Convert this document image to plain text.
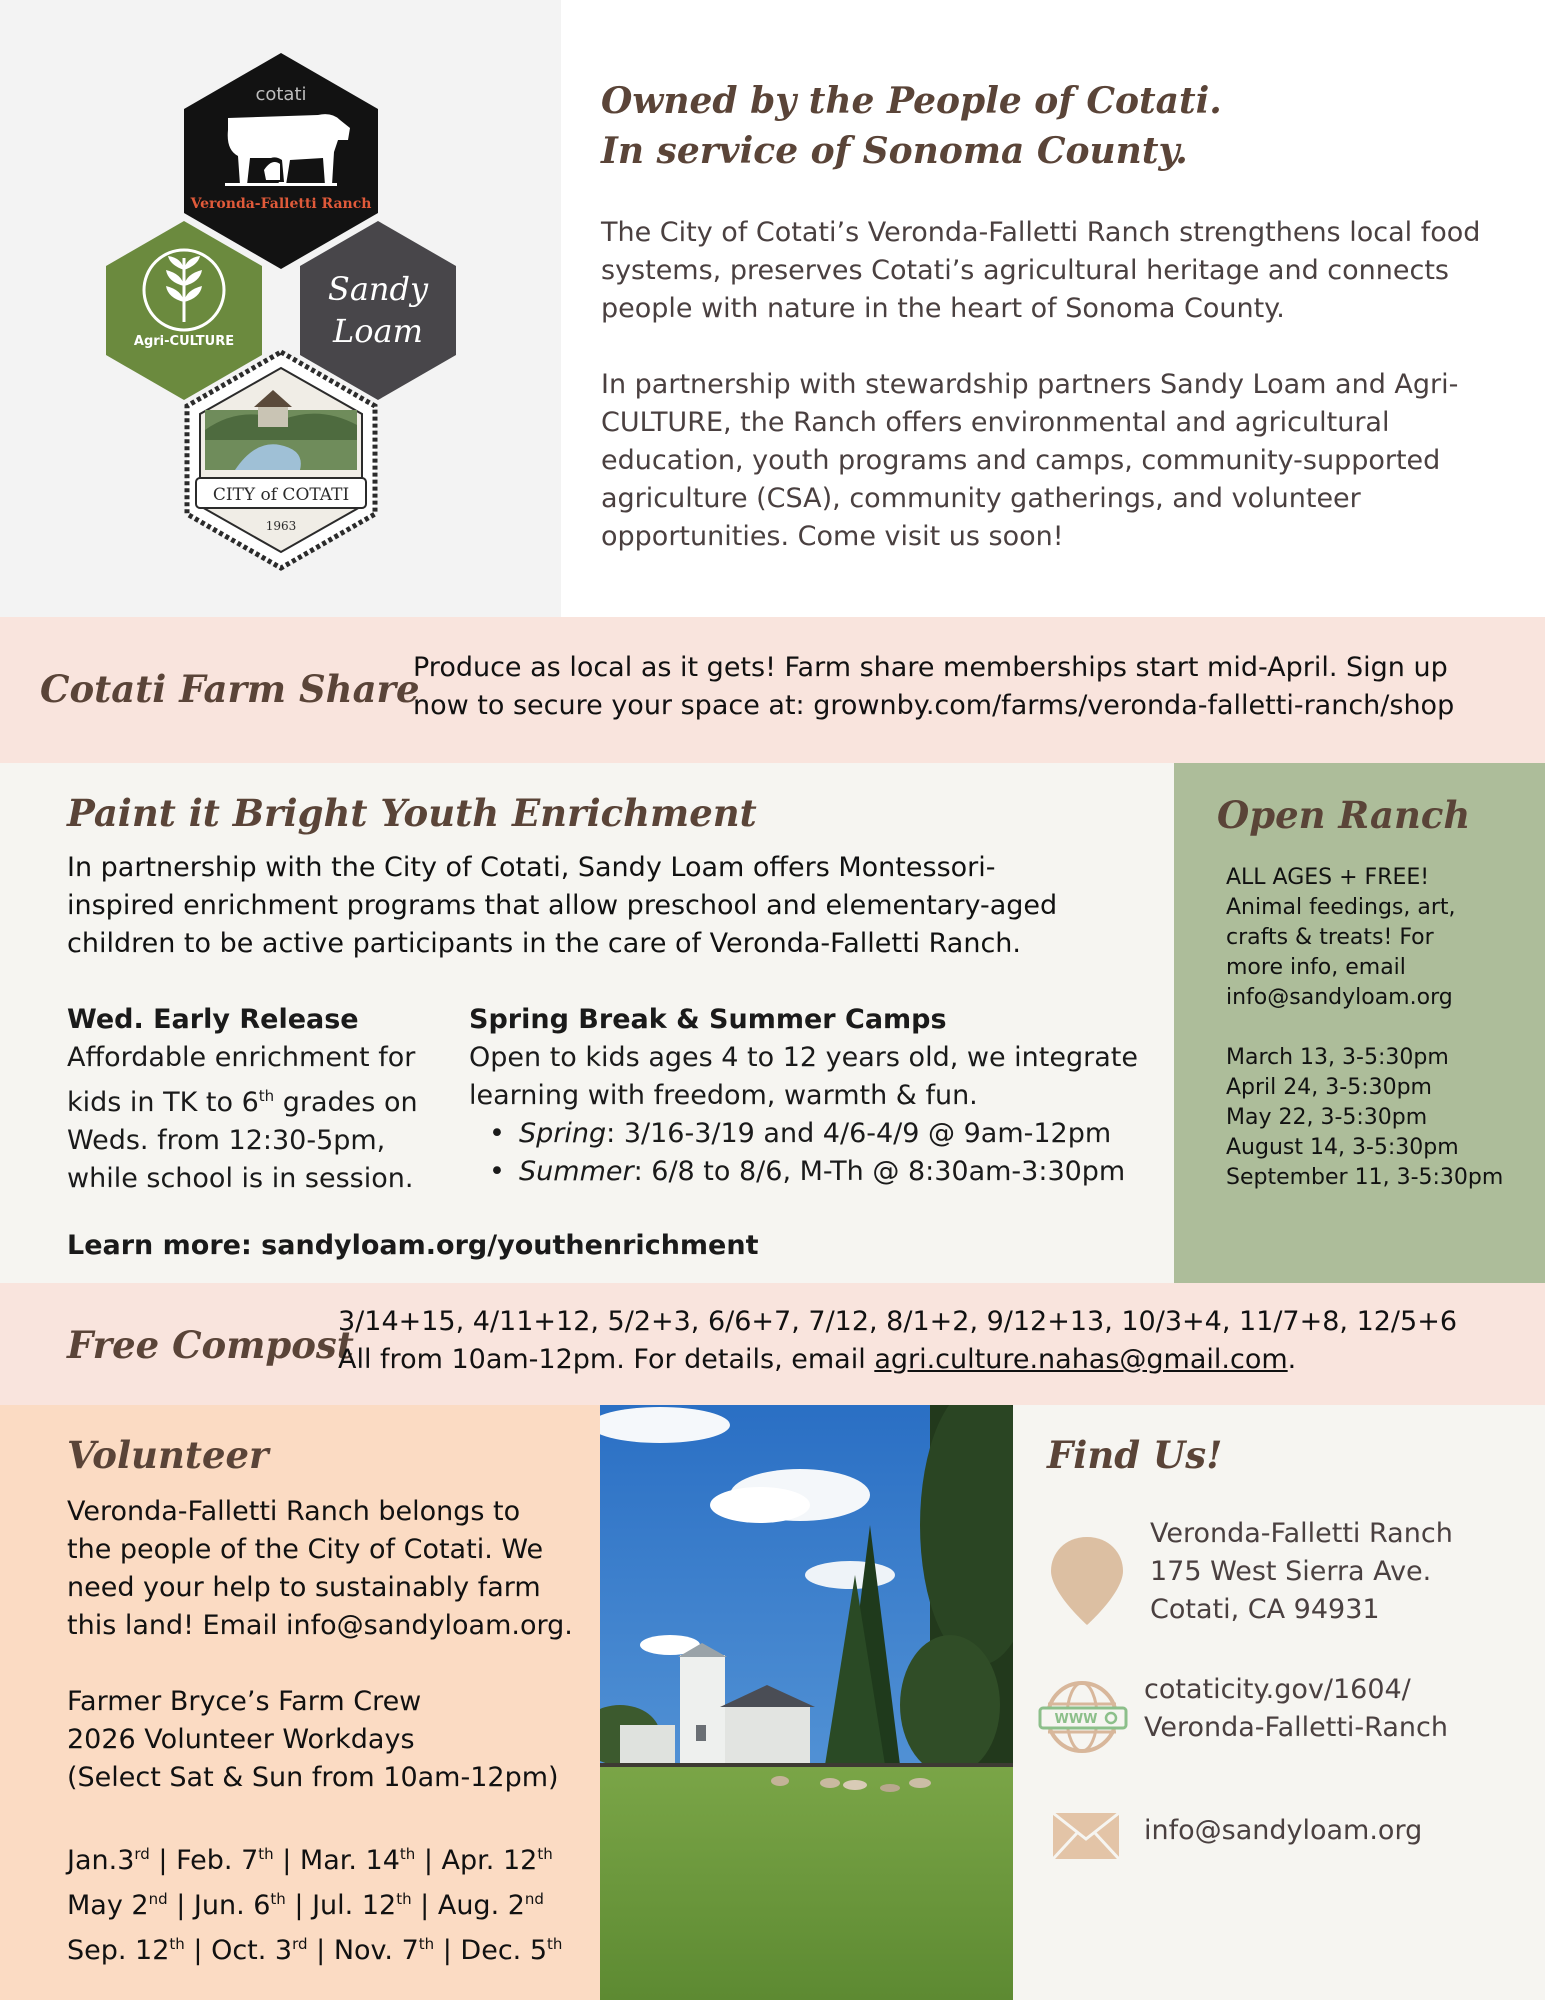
cotati
Veronda-Falletti Ranch
Agri-CULTURE
Sandy
Loam
CITY of COTATI
1963
Owned by the People of Cotati.
In service of Sonoma County.

The City of Cotati’s Veronda-Falletti Ranch strengthens local food systems, preserves Cotati’s agricultural heritage and connects people with nature in the heart of Sonoma County.

In partnership with stewardship partners Sandy Loam and Agri-CULTURE, the Ranch offers environmental and agricultural education, youth programs and camps, community-supported agriculture (CSA), community gatherings, and volunteer opportunities. Come visit us soon!

Cotati Farm Share
Produce as local as it gets! Farm share memberships start mid-April. Sign up
now to secure your space at: grownby.com/farms/veronda-falletti-ranch/shop
Paint it Bright Youth Enrichment

In partnership with the City of Cotati, Sandy Loam offers Montessori-
inspired enrichment programs that allow preschool and elementary-aged
children to be active participants in the care of Veronda-Falletti Ranch.

Wed. Early Release

Affordable enrichment for
kids in TK to 6th grades on
Weds. from 12:30-5pm,
while school is in session.

Spring Break & Summer Camps

Open to kids ages 4 to 12 years old, we integrate
learning with freedom, warmth & fun.

• Spring: 3/16-3/19 and 4/6-4/9 @ 9am-12pm
• Summer: 6/8 to 8/6, M-Th @ 8:30am-3:30pm
Learn more: sandyloam.org/youthenrichment
Open Ranch

ALL AGES + FREE!
Animal feedings, art,
crafts & treats! For
more info, email
info@sandyloam.org

March 13, 3-5:30pm
April 24, 3-5:30pm
May 22, 3-5:30pm
August 14, 3-5:30pm
September 11, 3-5:30pm

Free Compost
3/14+15, 4/11+12, 5/2+3, 6/6+7, 7/12, 8/1+2, 9/12+13, 10/3+4, 11/7+8, 12/5+6
All from 10am-12pm. For details, email agri.culture.nahas@gmail.com.
Volunteer

Veronda-Falletti Ranch belongs to
the people of the City of Cotati. We
need your help to sustainably farm
this land! Email info@sandyloam.org.

Farmer Bryce’s Farm Crew
2026 Volunteer Workdays
(Select Sat & Sun from 10am-12pm)

Jan.3rd | Feb. 7th | Mar. 14th | Apr. 12th
May 2nd | Jun. 6th | Jul. 12th | Aug. 2nd
Sep. 12th | Oct. 3rd | Nov. 7th | Dec. 5th

Find Us!
Veronda-Falletti Ranch
175 West Sierra Ave.
Cotati, CA 94931
WWW
cotaticity.gov/1604/
Veronda-Falletti-Ranch
info@sandyloam.org
